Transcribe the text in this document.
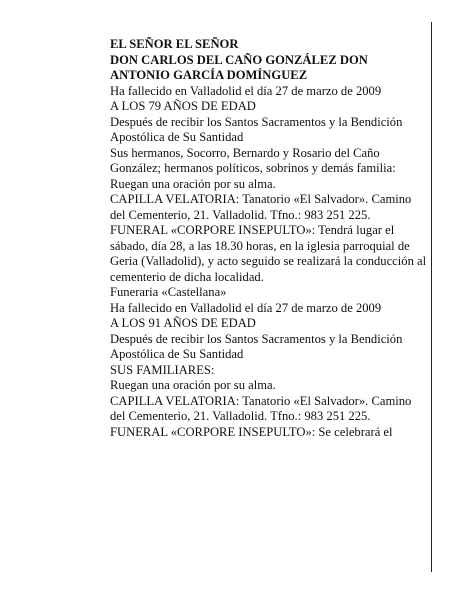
EL SEÑOR EL SEÑOR

DON CARLOS DEL CAÑO GONZÁLEZ DON ANTONIO GARCÍA DOMÍNGUEZ

Ha fallecido en Valladolid el día 27 de marzo de 2009

A LOS 79 AÑOS DE EDAD

Después de recibir los Santos Sacramentos y la Bendición Apostólica de Su Santidad

Sus hermanos, Socorro, Bernardo y Rosario del Caño González; hermanos políticos, sobrinos y demás familia:

Ruegan una oración por su alma.

CAPILLA VELATORIA: Tanatorio «El Salvador». Camino del Cementerio, 21. Valladolid. Tfno.: 983 251 225.

FUNERAL «CORPORE INSEPULTO»: Tendrá lugar el sábado, día 28, a las 18.30 horas, en la iglesia parroquial de Geria (Valladolid), y acto seguido se realizará la conducción al cementerio de dicha localidad.

Funeraria «Castellana»

Ha fallecido en Valladolid el día 27 de marzo de 2009

A LOS 91 AÑOS DE EDAD

Después de recibir los Santos Sacramentos y la Bendición Apostólica de Su Santidad

SUS FAMILIARES:

Ruegan una oración por su alma.

CAPILLA VELATORIA: Tanatorio «El Salvador». Camino del Cementerio, 21. Valladolid. Tfno.: 983 251 225.

FUNERAL «CORPORE INSEPULTO»: Se celebrará el
